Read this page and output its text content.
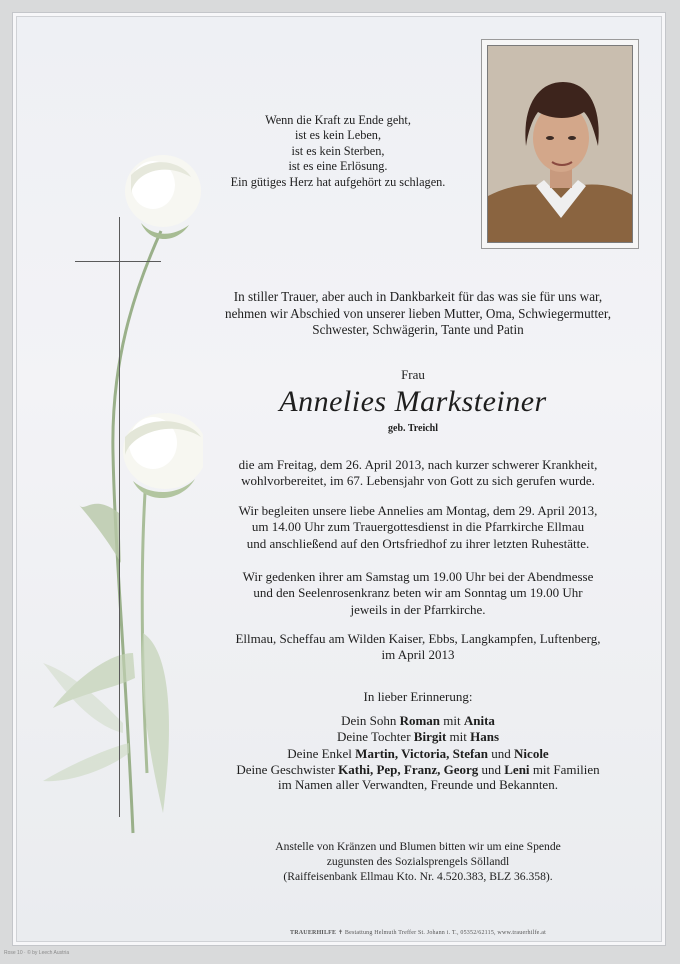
Wenn die Kraft zu Ende geht,
ist es kein Leben,
ist es kein Sterben,
ist es eine Erlösung.
Ein gütiges Herz hat aufgehört zu schlagen.
In stiller Trauer, aber auch in Dankbarkeit für das was sie für uns war,
nehmen wir Abschied von unserer lieben Mutter, Oma, Schwiegermutter,
Schwester, Schwägerin, Tante und Patin
Frau
Annelies Marksteiner
geb. Treichl
die am Freitag, dem 26. April 2013, nach kurzer schwerer Krankheit,
wohlvorbereitet, im 67. Lebensjahr von Gott zu sich gerufen wurde.
Wir begleiten unsere liebe Annelies am Montag, dem 29. April 2013,
um 14.00 Uhr zum Trauergottesdienst in die Pfarrkirche Ellmau
und anschließend auf den Ortsfriedhof zu ihrer letzten Ruhestätte.
Wir gedenken ihrer am Samstag um 19.00 Uhr bei der Abendmesse
und den Seelenrosenkranz beten wir am Sonntag um 19.00 Uhr
jeweils in der Pfarrkirche.
Ellmau, Scheffau am Wilden Kaiser, Ebbs, Langkampfen, Luftenberg,
im April 2013
In lieber Erinnerung:
Dein Sohn Roman mit Anita
Deine Tochter Birgit mit Hans
Deine Enkel Martin, Victoria, Stefan und Nicole
Deine Geschwister Kathi, Pep, Franz, Georg und Leni mit Familien
im Namen aller Verwandten, Freunde und Bekannten.
Anstelle von Kränzen und Blumen bitten wir um eine Spende
zugunsten des Sozialsprengels Söllandl
(Raiffeisenbank Ellmau Kto. Nr. 4.520.383, BLZ 36.358).
TRAUERHILFE ✝ Bestattung Helmuth Treffer St. Johann i. T., 05352/62115, www.trauerhilfe.at
Rose 10 · © by Leech Austria
